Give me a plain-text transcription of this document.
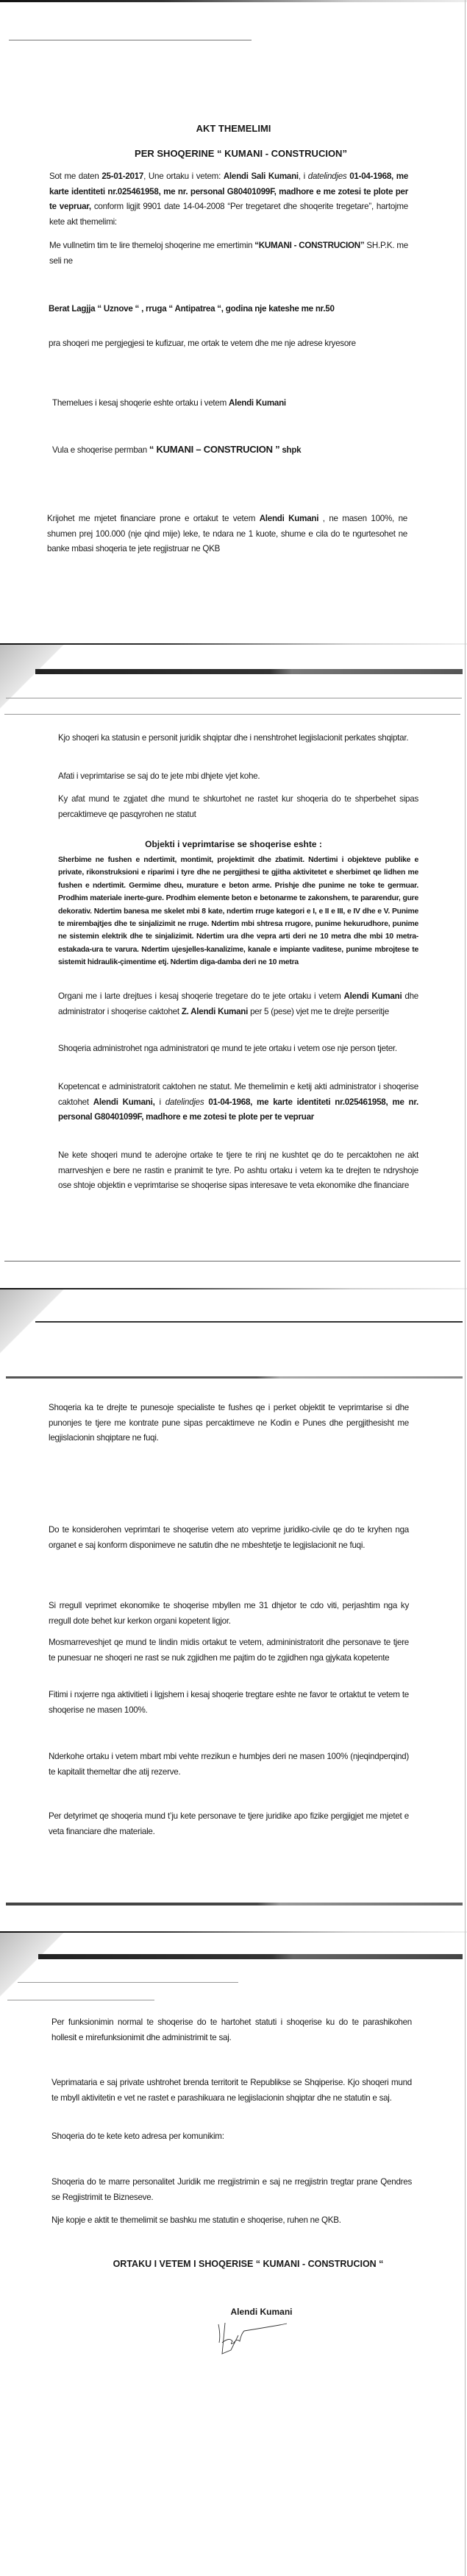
AKT THEMELIMI
PER SHOQERINE “ KUMANI - CONSTRUCION”
Sot me daten 25-01-2017, Une ortaku i vetem: Alendi Sali Kumani, i datelindjes 01-04-1968, me karte identiteti nr.025461958, me nr. personal G80401099F, madhore e me zotesi te plote per te vepruar, conform ligjit 9901 date 14-04-2008 “Per tregetaret dhe shoqerite tregetare”, hartojme kete akt themelimi:
Me vullnetim tim te lire themeloj shoqerine me emertimin “KUMANI - CONSTRUCION” SH.P.K. me seli ne
Berat Lagjja “ Uznove “ , rruga “ Antipatrea “, godina nje kateshe me nr.50
pra shoqeri me pergjegjesi te kufizuar, me ortak te vetem dhe me nje adrese kryesore
Themelues i kesaj shoqerie eshte ortaku i vetem Alendi Kumani
Vula e shoqerise permban “ KUMANI – CONSTRUCION ” shpk
Krijohet me mjetet financiare prone e ortakut te vetem Alendi Kumani , ne masen 100%, ne shumen prej 100.000 (nje qind mije) leke, te ndara ne 1 kuote, shume e cila do te ngurtesohet ne banke mbasi shoqeria te jete regjistruar ne QKB
Kjo shoqeri ka statusin e personit juridik shqiptar dhe i nenshtrohet legjislacionit perkates shqiptar.
Afati i veprimtarise se saj do te jete mbi dhjete vjet kohe.
Ky afat mund te zgjatet dhe mund te shkurtohet ne rastet kur shoqeria do te shperbehet sipas percaktimeve qe pasqyrohen ne statut
Objekti i veprimtarise se shoqerise eshte :
Sherbime ne fushen e ndertimit, montimit, projektimit dhe zbatimit. Ndertimi i objekteve publike e private, rikonstruksioni e riparimi i tyre dhe ne pergjithesi te gjitha aktivitetet e sherbimet qe lidhen me fushen e ndertimit. Germime dheu, murature e beton arme. Prishje dhe punime ne toke te germuar. Prodhim materiale inerte-gure. Prodhim elemente beton e betonarme te zakonshem, te pararendur, gure dekorativ. Ndertim banesa me skelet mbi 8 kate, ndertim rruge kategori e I, e II e III, e IV dhe e V. Punime te mirembajtjes dhe te sinjalizimit ne rruge. Ndertim mbi shtresa rrugore, punime hekurudhore, punime ne sistemin elektrik dhe te sinjalizimit. Ndertim ura dhe vepra arti deri ne 10 metra dhe mbi 10 metra-estakada-ura te varura. Ndertim ujesjelles-kanalizime, kanale e impiante vaditese, punime mbrojtese te sistemit hidraulik-çimentime etj. Ndertim diga-damba deri ne 10 metra
Organi me i larte drejtues i kesaj shoqerie tregetare do te jete ortaku i vetem Alendi Kumani dhe administrator i shoqerise caktohet Z. Alendi Kumani per 5 (pese) vjet me te drejte perseritje
Shoqeria administrohet nga administratori qe mund te jete ortaku i vetem ose nje person tjeter.
Kopetencat e administratorit caktohen ne statut. Me themelimin e ketij akti administrator i shoqerise caktohet Alendi Kumani, i datelindjes 01-04-1968, me karte identiteti nr.025461958, me nr. personal G80401099F, madhore e me zotesi te plote per te vepruar
Ne kete shoqeri mund te aderojne ortake te tjere te rinj ne kushtet qe do te percaktohen ne akt marrveshjen e bere ne rastin e pranimit te tyre. Po ashtu ortaku i vetem ka te drejten te ndryshoje ose shtoje objektin e veprimtarise se shoqerise sipas interesave te veta ekonomike dhe financiare
Shoqeria ka te drejte te punesoje specialiste te fushes qe i perket objektit te veprimtarise si dhe punonjes te tjere me kontrate pune sipas percaktimeve ne Kodin e Punes dhe pergjithesisht me legjislacionin shqiptare ne fuqi.
Do te konsiderohen veprimtari te shoqerise vetem ato veprime juridiko-civile qe do te kryhen nga organet e saj konform disponimeve ne satutin dhe ne mbeshtetje te legjislacionit ne fuqi.
Si rregull veprimet ekonomike te shoqerise mbyllen me 31 dhjetor te cdo viti, perjashtim nga ky rregull dote behet kur kerkon organi kopetent ligjor.
Mosmarreveshjet qe mund te lindin midis ortakut te vetem, admininistratorit dhe personave te tjere te punesuar ne shoqeri ne rast se nuk zgjidhen me pajtim do te zgjidhen nga gjykata kopetente
Fitimi i nxjerre nga aktivitieti i ligjshem i kesaj shoqerie tregtare eshte ne favor te ortaktut te vetem te shoqerise ne masen 100%.
Nderkohe ortaku i vetem mbart mbi vehte rrezikun e humbjes deri ne masen 100% (njeqindperqind) te kapitalit themeltar dhe atij rezerve.
Per detyrimet qe shoqeria mund t’ju kete personave te tjere juridike apo fizike pergjigjet me mjetet e veta financiare dhe materiale.
Per funksionimin normal te shoqerise do te hartohet statuti i shoqerise ku do te parashikohen hollesit e mirefunksionimit dhe administrimit te saj.
Veprimataria e saj private ushtrohet brenda territorit te Republikse se Shqiperise. Kjo shoqeri mund te mbyll aktivitetin e vet ne rastet e parashikuara ne legjislacionin shqiptar dhe ne statutin e saj.
Shoqeria do te kete keto adresa per komunikim:
Shoqeria do te marre personalitet Juridik me rregjistrimin e saj ne rregjistrin tregtar prane Qendres se Regjistrimit te Bizneseve.
Nje kopje e aktit te themelimit se bashku me statutin e shoqerise, ruhen ne QKB.
ORTAKU I VETEM I SHOQERISE “ KUMANI - CONSTRUCION “
Alendi Kumani
